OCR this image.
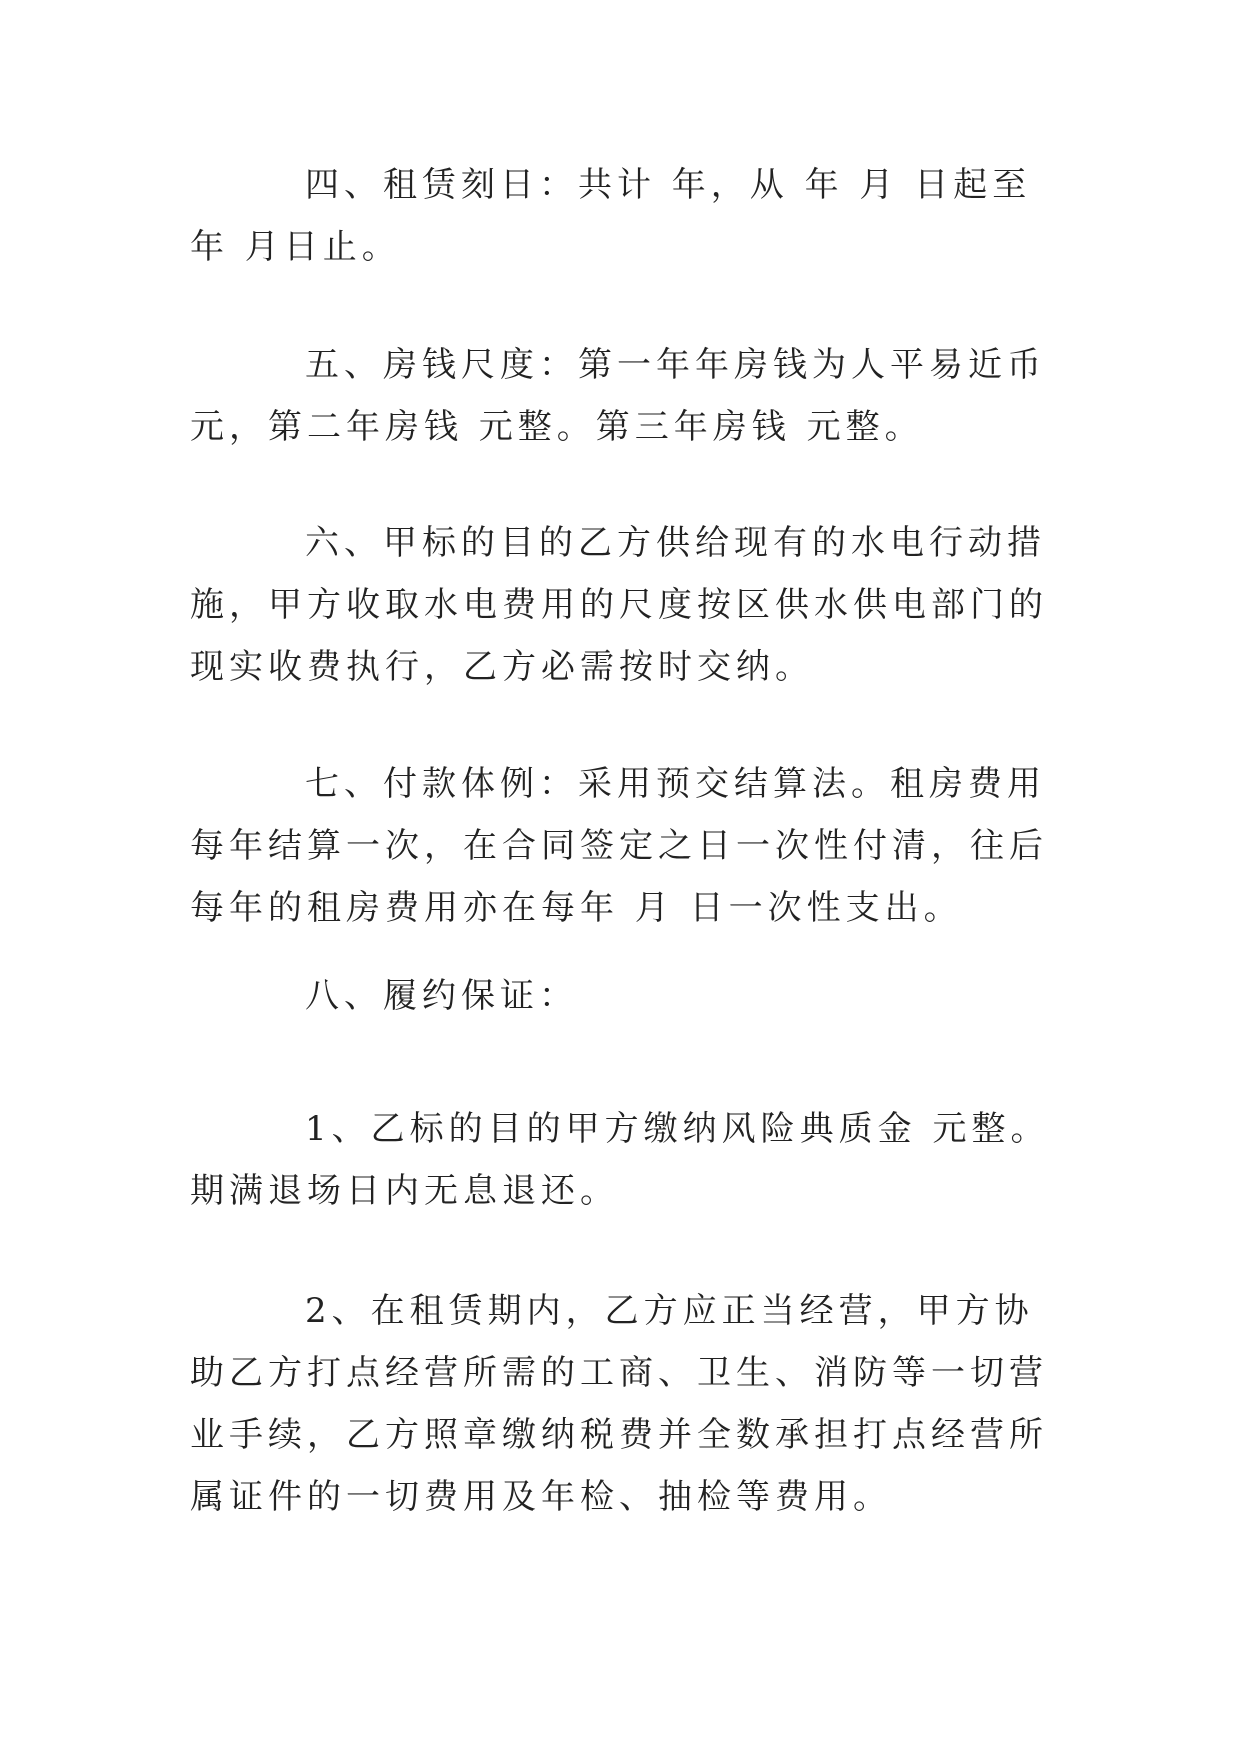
四、租赁刻日：共计 年，从 年 月 日起至 年 月日止。

五、房钱尺度：第一年年房钱为人平易近币 元，第二年房钱 元整。第三年房钱 元整。

六、甲标的目的乙方供给现有的水电行动措施，甲方收取水电费用的尺度按区供水供电部门的现实收费执行，乙方必需按时交纳。

七、付款体例：采用预交结算法。租房费用每年结算一次，在合同签定之日一次性付清，往后每年的租房费用亦在每年 月 日一次性支出。

八、履约保证：

1、乙标的目的甲方缴纳风险典质金 元整。期满退场日内无息退还。

2、在租赁期内，乙方应正当经营，甲方协助乙方打点经营所需的工商、卫生、消防等一切营业手续，乙方照章缴纳税费并全数承担打点经营所属证件的一切费用及年检、抽检等费用。
